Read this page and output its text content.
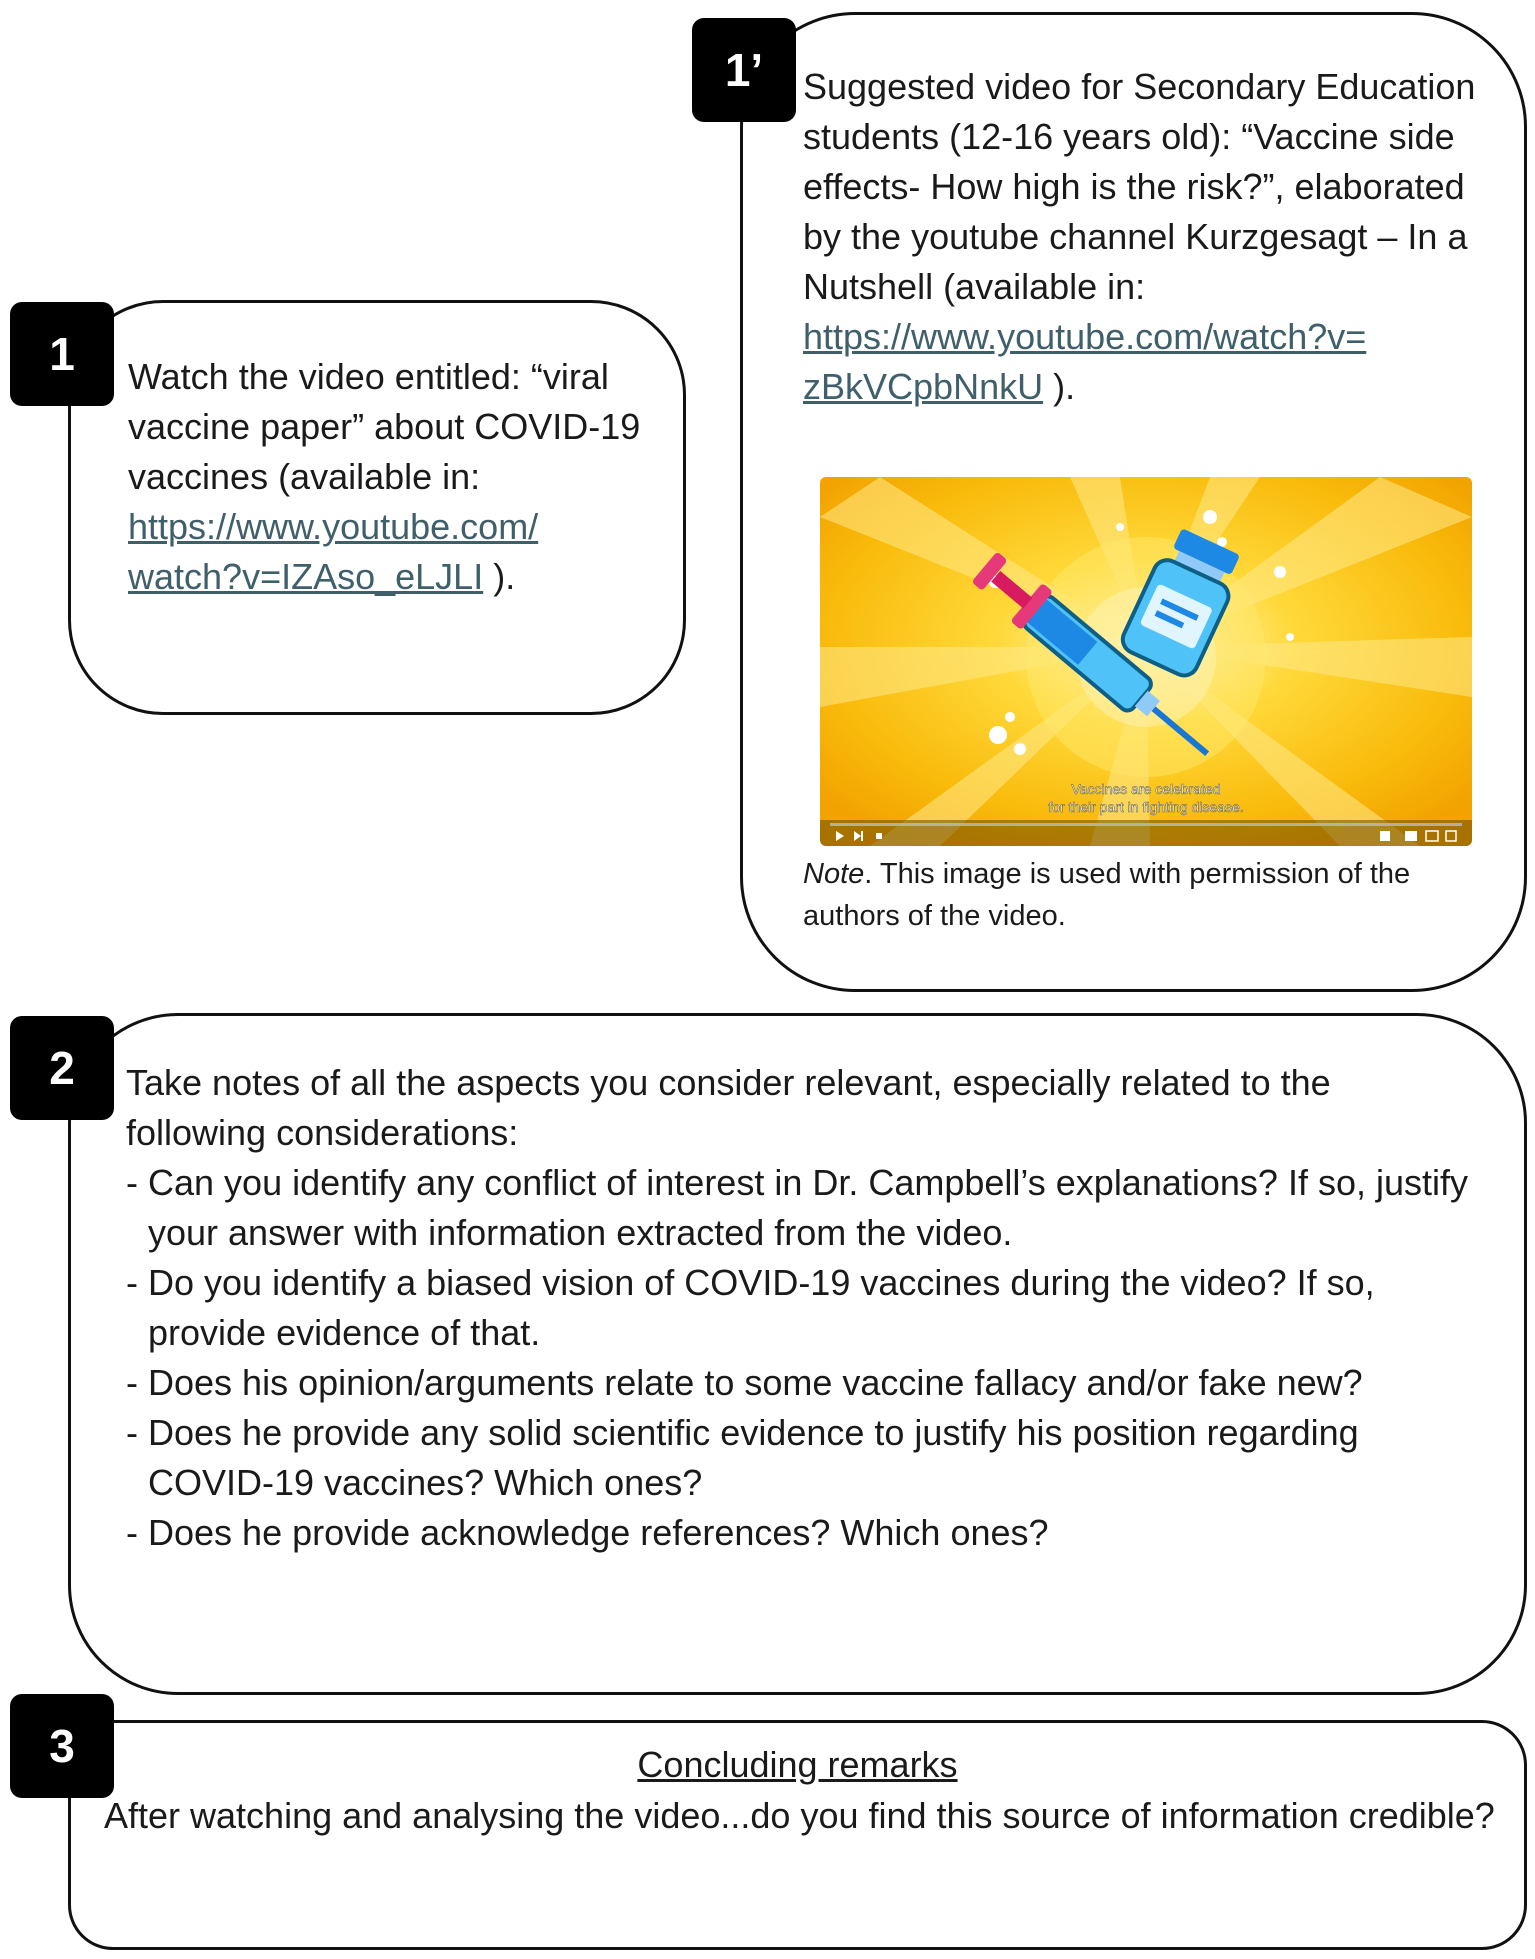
1	Watch the video entitled: “viral vaccine paper” about COVID-19 vaccines (available in:

https://www.youtube.com/

watch?v=IZAso_eLJLI ).

1’	Suggested video for Secondary Education students (12-16 years old): “Vaccine side effects- How high is the risk?”, elaborated by the youtube channel Kurzgesagt – In a Nutshell (available in:

https://www.youtube.com/watch?v=

zBkVCpbNnkU ).

Vaccines are celebrated
for their part in fighting disease.

Note. This image is used with permission of the authors of the video.

2	Take notes of all the aspects you consider relevant, especially related to the following considerations:

- Can you identify any conflict of interest in Dr. Campbell’s explanations? If so, justify your answer with information extracted from the video.
- Do you identify a biased vision of COVID-19 vaccines during the video? If so, provide evidence of that.
- Does his opinion/arguments relate to some vaccine fallacy and/or fake new?
- Does he provide any solid scientific evidence to justify his position regarding COVID-19 vaccines? Which ones?
- Does he provide acknowledge references? Which ones?
3	Concluding remarks

After watching and analysing the video...do you find this source of information credible?
